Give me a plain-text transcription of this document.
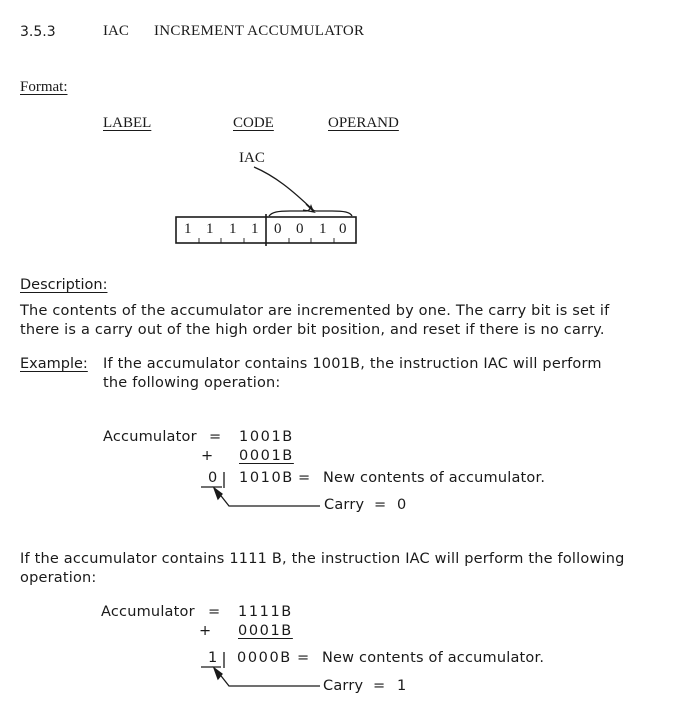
3.5.3	IAC INCREMENT ACCUMULATOR
Format:
LABEL	CODE	OPERAND
IAC
1 1 1 1 0 0 1 0
Description:
The contents of the accumulator are incremented by one. The carry bit is set if
there is a carry out of the high order bit position, and reset if there is no carry.
Example: If the accumulator contains 1001B, the instruction IAC will perform
the following operation:
Accumulator = 1001B
+ 0001B
0 1010B = New contents of accumulator.
Carry = 0
If the accumulator contains 1111 B, the instruction IAC will perform the following
operation:
Accumulator = 1111B
+ 0001B
1 0000B = New contents of accumulator.
Carry = 1
